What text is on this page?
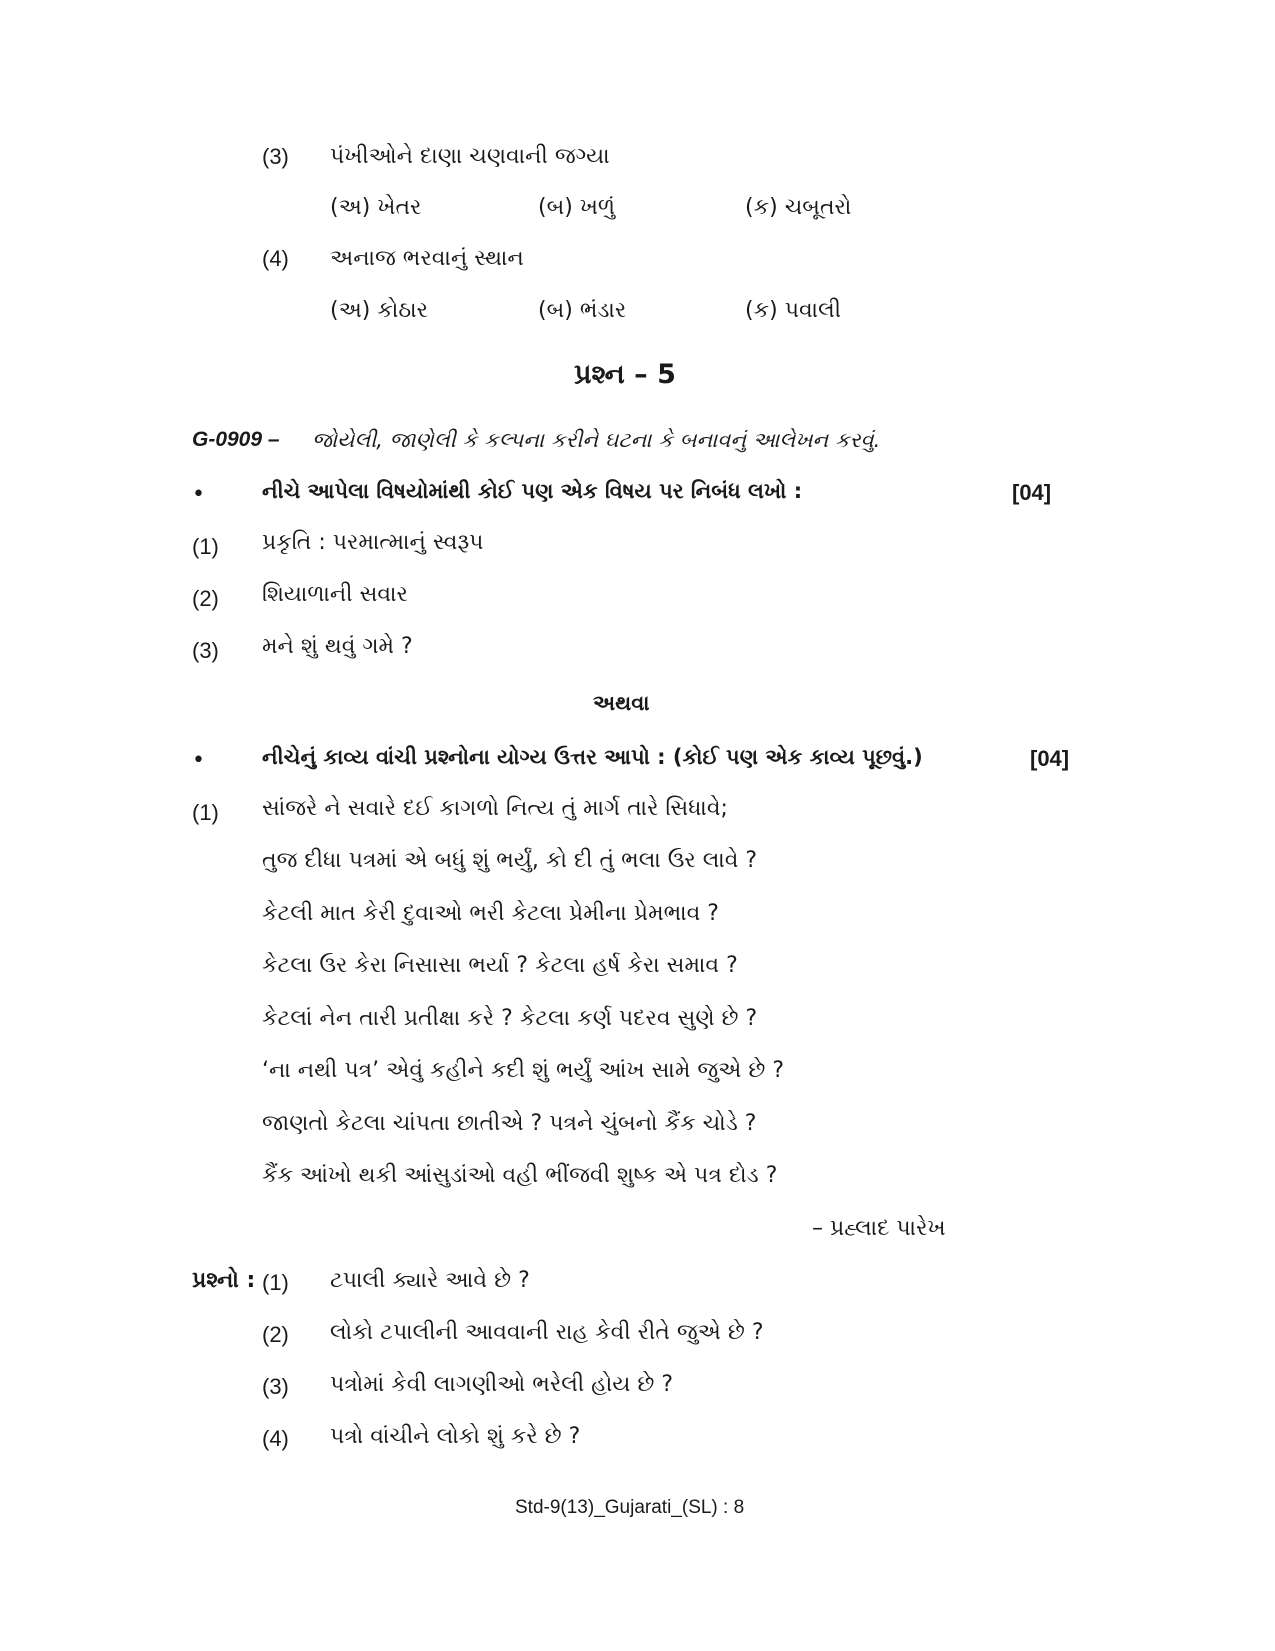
(3) પંખીઓને દાણા ચણવાની જગ્યા
(અ) ખેતર	(બ) ખળું	(ક) ચબૂતરો
(4) અનાજ ભરવાનું સ્થાન
(અ) કોઠાર	(બ) ભંડાર	(ક) પવાલી
પ્રશ્ન – 5
G-0909 – જોયેલી, જાણેલી કે કલ્પના કરીને ઘટના કે બનાવનું આલેખન કરવું.
•	નીચે આપેલા વિષયોમાંથી કોઈ પણ એક વિષય પર નિબંધ લખો :	[04]
(1) પ્રકૃતિ : પરમાત્માનું સ્વરૂપ
(2) શિયાળાની સવાર
(3) મને શું થવું ગમે ?
અથવા
•	નીચેનું કાવ્ય વાંચી પ્રશ્નોના યોગ્ય ઉત્તર આપો : (કોઈ પણ એક કાવ્ય પૂછવું.)	[04]
(1) સાંજરે ને સવારે દઈ કાગળો નિત્ય તું માર્ગ તારે સિધાવે;
તુજ દીધા પત્રમાં એ બધું શું ભર્યું, કો દી તું ભલા ઉર લાવે ?
કેટલી માત કેરી દુવાઓ ભરી કેટલા પ્રેમીના પ્રેમભાવ ?
કેટલા ઉર કેરા નિસાસા ભર્યા ? કેટલા હર્ષ કેરા સમાવ ?
કેટલાં નેન તારી પ્રતીક્ષા કરે ? કેટલા કર્ણ પદરવ સુણે છે ?
‘ના નથી પત્ર’ એવું કહીને કદી શું ભર્યું આંખ સામે જુએ છે ?
જાણતો કેટલા ચાંપતા છાતીએ ? પત્રને ચુંબનો કૈંક ચોડે ?
કૈંક આંખો થકી આંસુડાંઓ વહી ભીંજવી શુષ્ક એ પત્ર દોડ ?
– પ્રહ્લાદ પારેખ
પ્રશ્નો : (1) ટપાલી ક્યારે આવે છે ?
(2) લોકો ટપાલીની આવવાની રાહ કેવી રીતે જુએ છે ?
(3) પત્રોમાં કેવી લાગણીઓ ભરેલી હોય છે ?
(4) પત્રો વાંચીને લોકો શું કરે છે ?
Std-9(13)_Gujarati_(SL) : 8
